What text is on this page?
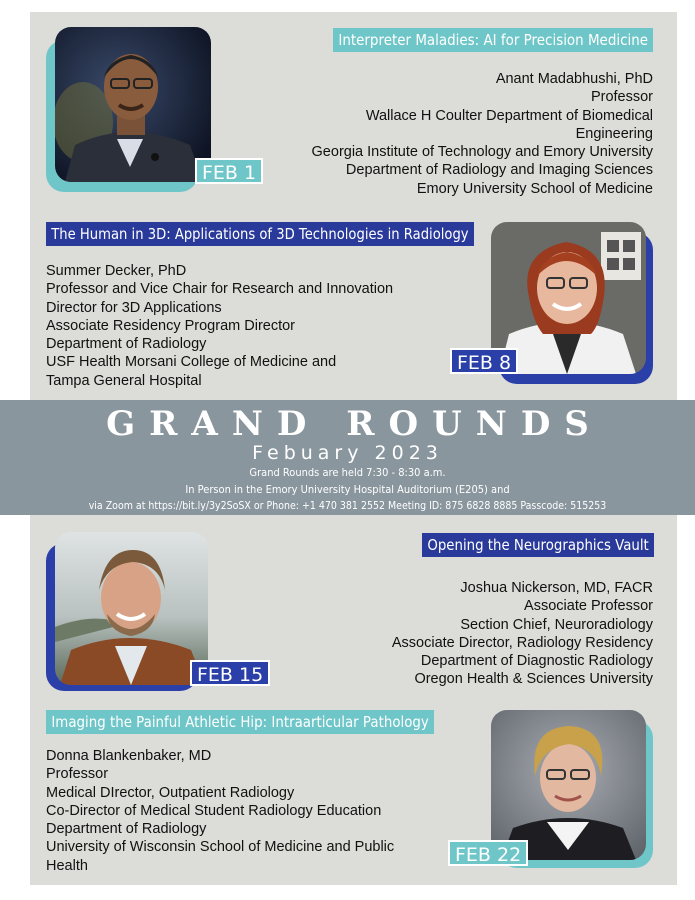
FEB 1
Interpreter Maladies: AI for Precision Medicine
Anant Madabhushi, PhD
Professor
Wallace H Coulter Department of Biomedical
Engineering
Georgia Institute of Technology and Emory University
Department of Radiology and Imaging Sciences
Emory University School of Medicine
The Human in 3D: Applications of 3D Technologies in Radiology
Summer Decker, PhD
Professor and Vice Chair for Research and Innovation
Director for 3D Applications
Associate Residency Program Director
Department of Radiology
USF Health Morsani College of Medicine and
Tampa General Hospital
FEB 8
GRAND ROUNDS
Febuary 2023
Grand Rounds are held 7:30 - 8:30 a.m.
In Person in the Emory University Hospital Auditorium (E205) and
via Zoom at https://bit.ly/3y2SoSX or Phone: +1 470 381 2552 Meeting ID: 875 6828 8885 Passcode: 515253
FEB 15
Opening the Neurographics Vault
Joshua Nickerson, MD, FACR
Associate Professor
Section Chief, Neuroradiology
Associate Director, Radiology Residency
Department of Diagnostic Radiology
Oregon Health & Sciences University
Imaging the Painful Athletic Hip: Intraarticular Pathology
Donna Blankenbaker, MD
Professor
Medical DIrector, Outpatient Radiology
Co-Director of Medical Student Radiology Education
Department of Radiology
University of Wisconsin School of Medicine and Public
Health	FEB 22
